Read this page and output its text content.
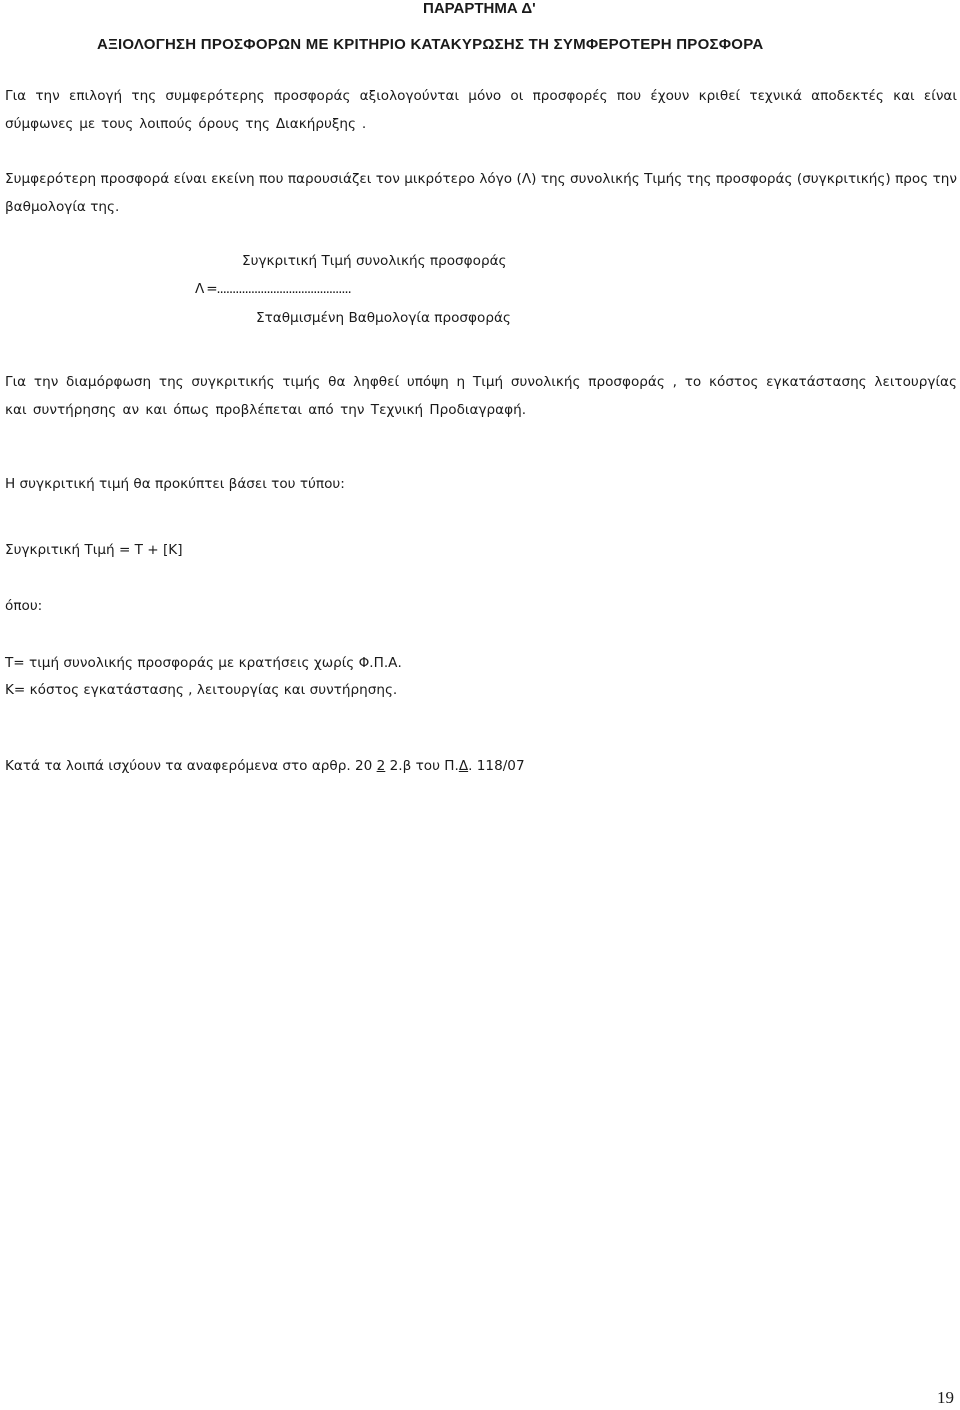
ΠΑΡΑΡΤΗΜΑ Δ'
ΑΞΙΟΛΟΓΗΣΗ ΠΡΟΣΦΟΡΩΝ ΜΕ ΚΡΙΤΗΡΙΟ ΚΑΤΑΚΥΡΩΣΗΣ ΤΗ ΣΥΜΦΕΡΟΤΕΡΗ ΠΡΟΣΦΟΡΑ
Για την επιλογή της συμφερότερης προσφοράς αξιολογούνται μόνο οι προσφορές που έχουν κριθεί τεχνικά αποδεκτές και είναι σύμφωνες με τους λοιπούς όρους της Διακήρυξης .
Συμφερότερη προσφορά είναι εκείνη που παρουσιάζει τον μικρότερο λόγο (Λ) της συνολικής Τιμής της προσφοράς (συγκριτικής) προς την βαθμολογία της.
Συγκριτική Τιμή συνολικής προσφοράς
Λ =...........................................
Σταθμισμένη Βαθμολογία προσφοράς
Για την διαμόρφωση της συγκριτικής τιμής θα ληφθεί υπόψη η Τιμή συνολικής προσφοράς , το κόστος εγκατάστασης λειτουργίας και συντήρησης αν και όπως προβλέπεται από την Τεχνική Προδιαγραφή.
Η συγκριτική τιμή θα προκύπτει βάσει του τύπου:
Συγκριτική Τιμή = Τ + [Κ]
όπου:
Τ= τιμή συνολικής προσφοράς με κρατήσεις χωρίς Φ.Π.Α.
Κ= κόστος εγκατάστασης , λειτουργίας και συντήρησης.
Κατά τα λοιπά ισχύουν τα αναφερόμενα στο αρθρ. 20 2 2.β του Π.Δ. 118/07
19
